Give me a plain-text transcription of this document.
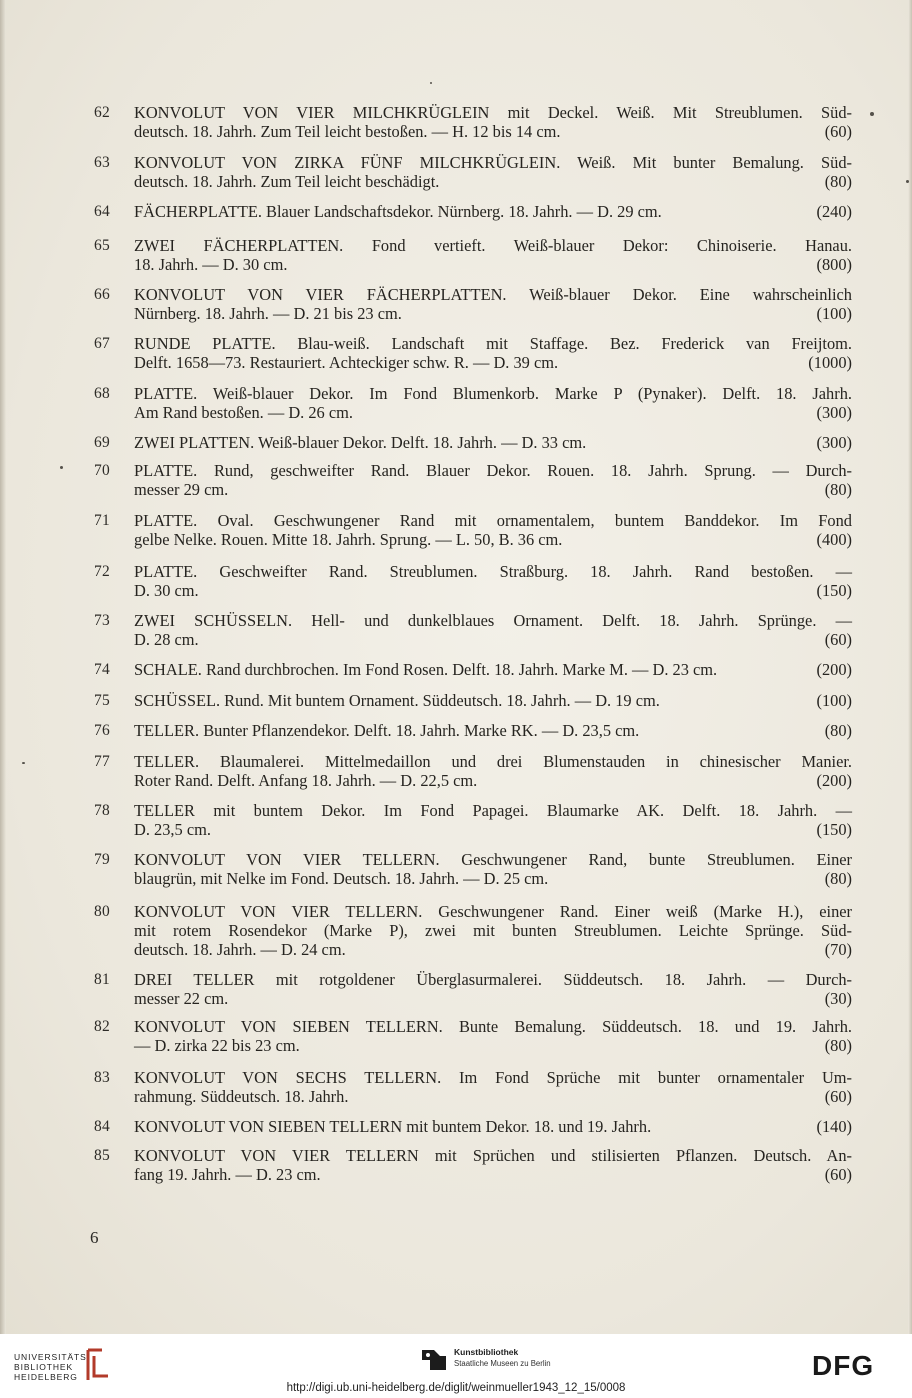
62	KONVOLUT VON VIER MILCHKRÜGLEIN mit Deckel. Weiß. Mit Streublumen. Süd-
deutsch. 18. Jahrh. Zum Teil leicht bestoßen. — H. 12 bis 14 cm.	(60)
63	KONVOLUT VON ZIRKA FÜNF MILCHKRÜGLEIN. Weiß. Mit bunter Bemalung. Süd-
deutsch. 18. Jahrh. Zum Teil leicht beschädigt.	(80)
64	FÄCHERPLATTE. Blauer Landschaftsdekor. Nürnberg. 18. Jahrh. — D. 29 cm.	(240)
65	ZWEI FÄCHERPLATTEN. Fond vertieft. Weiß-blauer Dekor: Chinoiserie. Hanau.
18. Jahrh. — D. 30 cm.	(800)
66	KONVOLUT VON VIER FÄCHERPLATTEN. Weiß-blauer Dekor. Eine wahrscheinlich
Nürnberg. 18. Jahrh. — D. 21 bis 23 cm.	(100)
67	RUNDE PLATTE. Blau-weiß. Landschaft mit Staffage. Bez. Frederick van Freijtom.
Delft. 1658—73. Restauriert. Achteckiger schw. R. — D. 39 cm.	(1000)
68	PLATTE. Weiß-blauer Dekor. Im Fond Blumenkorb. Marke P (Pynaker). Delft. 18. Jahrh.
Am Rand bestoßen. — D. 26 cm.	(300)
69	ZWEI PLATTEN. Weiß-blauer Dekor. Delft. 18. Jahrh. — D. 33 cm.	(300)
70	PLATTE. Rund, geschweifter Rand. Blauer Dekor. Rouen. 18. Jahrh. Sprung. — Durch-
messer 29 cm.	(80)
71	PLATTE. Oval. Geschwungener Rand mit ornamentalem, buntem Banddekor. Im Fond
gelbe Nelke. Rouen. Mitte 18. Jahrh. Sprung. — L. 50, B. 36 cm.	(400)
72	PLATTE. Geschweifter Rand. Streublumen. Straßburg. 18. Jahrh. Rand bestoßen. —
D. 30 cm.	(150)
73	ZWEI SCHÜSSELN. Hell- und dunkelblaues Ornament. Delft. 18. Jahrh. Sprünge. —
D. 28 cm.	(60)
74	SCHALE. Rand durchbrochen. Im Fond Rosen. Delft. 18. Jahrh. Marke M. — D. 23 cm.	(200)
75	SCHÜSSEL. Rund. Mit buntem Ornament. Süddeutsch. 18. Jahrh. — D. 19 cm.	(100)
76	TELLER. Bunter Pflanzendekor. Delft. 18. Jahrh. Marke RK. — D. 23,5 cm.	(80)
77	TELLER. Blaumalerei. Mittelmedaillon und drei Blumenstauden in chinesischer Manier.
Roter Rand. Delft. Anfang 18. Jahrh. — D. 22,5 cm.	(200)
78	TELLER mit buntem Dekor. Im Fond Papagei. Blaumarke AK. Delft. 18. Jahrh. —
D. 23,5 cm.	(150)
79	KONVOLUT VON VIER TELLERN. Geschwungener Rand, bunte Streublumen. Einer
blaugrün, mit Nelke im Fond. Deutsch. 18. Jahrh. — D. 25 cm.	(80)
80	KONVOLUT VON VIER TELLERN. Geschwungener Rand. Einer weiß (Marke H.), einer
mit rotem Rosendekor (Marke P), zwei mit bunten Streublumen. Leichte Sprünge. Süd-
deutsch. 18. Jahrh. — D. 24 cm.	(70)
81	DREI TELLER mit rotgoldener Überglasurmalerei. Süddeutsch. 18. Jahrh. — Durch-
messer 22 cm.	(30)
82	KONVOLUT VON SIEBEN TELLERN. Bunte Bemalung. Süddeutsch. 18. und 19. Jahrh.
— D. zirka 22 bis 23 cm.	(80)
83	KONVOLUT VON SECHS TELLERN. Im Fond Sprüche mit bunter ornamentaler Um-
rahmung. Süddeutsch. 18. Jahrh.	(60)
84	KONVOLUT VON SIEBEN TELLERN mit buntem Dekor. 18. und 19. Jahrh.	(140)
85	KONVOLUT VON VIER TELLERN mit Sprüchen und stilisierten Pflanzen. Deutsch. An-
fang 19. Jahrh. — D. 23 cm.	(60)
6
UNIVERSITÄTS-
BIBLIOTHEK
HEIDELBERG
Kunstbibliothek
Staatliche Museen zu Berlin	DFG
http://digi.ub.uni-heidelberg.de/diglit/weinmueller1943_12_15/0008
